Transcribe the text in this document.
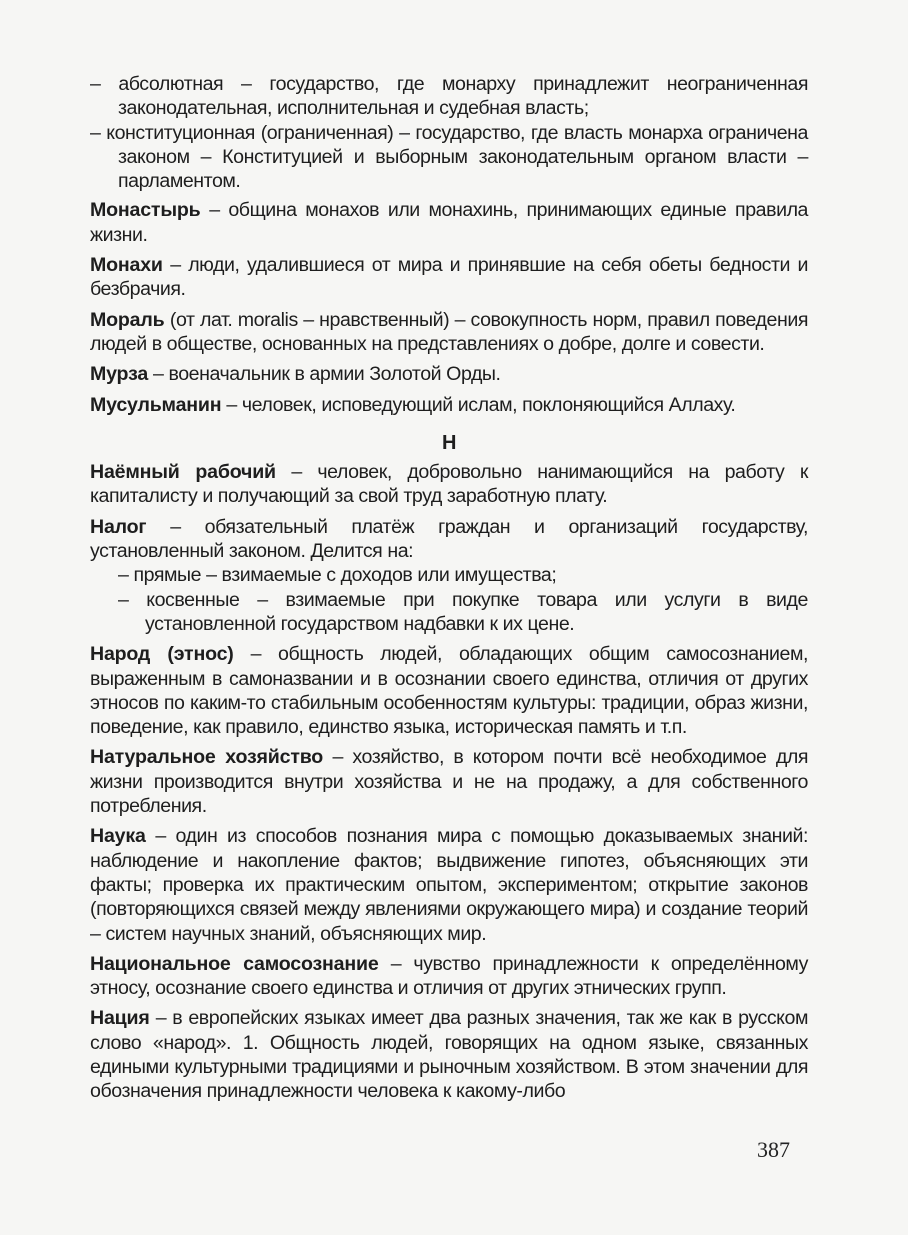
– абсолютная – государство, где монарху принадлежит неограниченная законодательная, исполнительная и судебная власть;

– конституционная (ограниченная) – государство, где власть монарха ограничена законом – Конституцией и выборным законодательным органом власти – парламентом.

Монастырь – община монахов или монахинь, принимающих единые правила жизни.

Монахи – люди, удалившиеся от мира и принявшие на себя обеты бедности и безбрачия.

Мораль (от лат. moralis – нравственный) – совокупность норм, правил поведения людей в обществе, основанных на представлениях о добре, долге и совести.

Мурза – военачальник в армии Золотой Орды.

Мусульманин – человек, исповедующий ислам, поклоняющийся Аллаху.

Н

Наёмный рабочий – человек, добровольно нанимающийся на работу к капиталисту и получающий за свой труд заработную плату.

Налог – обязательный платёж граждан и организаций государству, установленный законом. Делится на:

– прямые – взимаемые с доходов или имущества;

– косвенные – взимаемые при покупке товара или услуги в виде установленной государством надбавки к их цене.

Народ (этнос) – общность людей, обладающих общим самосознанием, выраженным в самоназвании и в осознании своего единства, отличия от других этносов по каким-то стабильным особенностям культуры: традиции, образ жизни, поведение, как правило, единство языка, историческая память и т.п.

Натуральное хозяйство – хозяйство, в котором почти всё необходимое для жизни производится внутри хозяйства и не на продажу, а для собственного потребления.

Наука – один из способов познания мира с помощью доказываемых знаний: наблюдение и накопление фактов; выдвижение гипотез, объясняющих эти факты; проверка их практическим опытом, экспериментом; открытие законов (повторяющихся связей между явлениями окружающего мира) и создание теорий – систем научных знаний, объясняющих мир.

Национальное самосознание – чувство принадлежности к определённому этносу, осознание своего единства и отличия от других этнических групп.

Нация – в европейских языках имеет два разных значения, так же как в русском слово «народ». 1. Общность людей, говорящих на одном языке, связанных едиными культурными традициями и рыночным хозяйством. В этом значении для обозначения принадлежности человека к какому-либо

387
